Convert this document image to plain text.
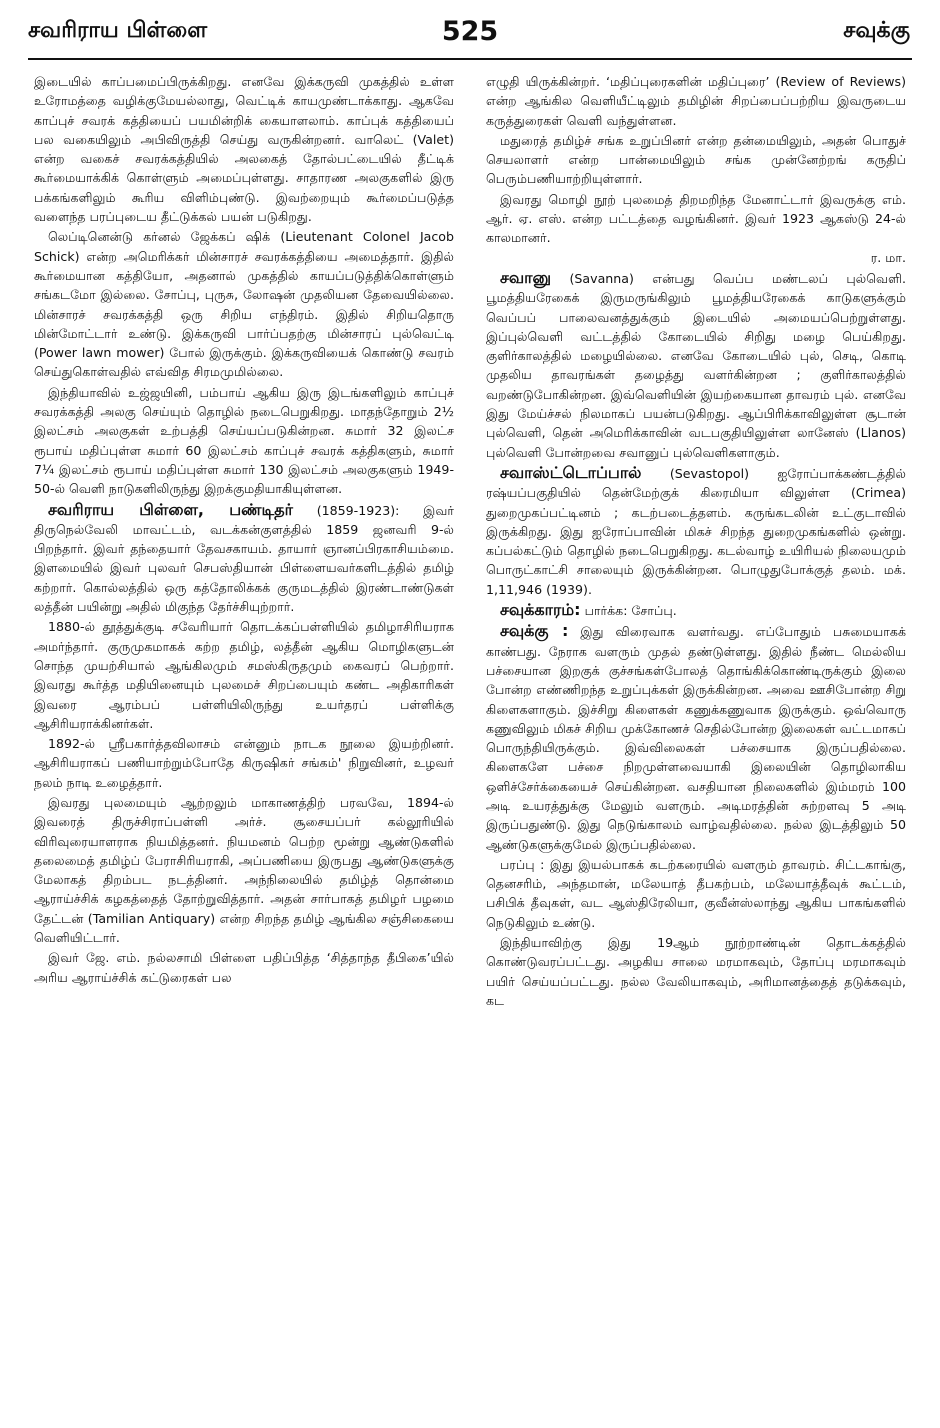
சவரிராய பிள்ளை	525	சவுக்கு

இடையில் காப்பமைப்பிருக்கிறது. எனவே இக்கருவி முகத்தில் உள்ள உரோமத்தை வழிக்குமேயல்லாது, வெட்டிக் காயமுண்டாக்காது. ஆகவே காப்புச் சவரக் கத்தியைப் பயமின்றிக் கையாளலாம். காப்புக் கத்தியைப் பல வகையிலும் அபிவிருத்தி செய்து வருகின்றனர். வாலெட் (Valet) என்ற வகைச் சவரக்கத்தியில் அலகைத் தோல்பட்டையில் தீட்டிக் கூர்மையாக்கிக் கொள்ளும் அமைப்புள்ளது. சாதாரண அலகுகளில் இரு பக்கங்களிலும் கூரிய விளிம்புண்டு. இவற்றையும் கூர்மைப்படுத்த வளைந்த பரப்புடைய தீட்டுக்கல் பயன் படுகிறது.

லெப்டினென்டு கர்னல் ஜேக்கப் ஷிக் (Lieutenant Colonel Jacob Schick) என்ற அமெரிக்கர் மின்சாரச் சவரக்கத்தியை அமைத்தார். இதில் கூர்மையான கத்தியோ, அதனால் முகத்தில் காயப்படுத்திக்கொள்ளும் சங்கடமோ இல்லை. சோப்பு, புருசு, லோஷன் முதலியன தேவையில்லை. மின்சாரச் சவரக்கத்தி ஒரு சிறிய எந்திரம். இதில் சிறியதொரு மின்மோட்டார் உண்டு. இக்கருவி பார்ப்பதற்கு மின்சாரப் புல்வெட்டி (Power lawn mower) போல் இருக்கும். இக்கருவியைக் கொண்டு சவரம் செய்துகொள்வதில் எவ்வித சிரமமுமில்லை.

இந்தியாவில் உஜ்ஜயினி, பம்பாய் ஆகிய இரு இடங்களிலும் காப்புச் சவரக்கத்தி அலகு செய்யும் தொழில் நடைபெறுகிறது. மாதந்தோறும் 2½ இலட்சம் அலகுகள் உற்பத்தி செய்யப்படுகின்றன. சுமார் 32 இலட்ச ரூபாய் மதிப்புள்ள சுமார் 60 இலட்சம் காப்புச் சவரக் கத்திகளும், சுமார் 7¼ இலட்சம் ரூபாய் மதிப்புள்ள சுமார் 130 இலட்சம் அலகுகளும் 1949-50-ல் வெளி நாடுகளிலிருந்து இறக்குமதியாகியுள்ளன.

சவரிராய பிள்ளை, பண்டிதர் (1859-1923): இவர் திருநெல்வேலி மாவட்டம், வடக்கன்குளத்தில் 1859 ஜனவரி 9-ல் பிறந்தார். இவர் தந்தையார் தேவசகாயம். தாயார் ஞானப்பிரகாசியம்மை. இளமையில் இவர் புலவர் செபஸ்தியான் பிள்ளையவர்களிடத்தில் தமிழ் கற்றார். கொல்லத்தில் ஒரு கத்தோலிக்கக் குருமடத்தில் இரண்டாண்டுகள் லத்தீன் பயின்று அதில் மிகுந்த தேர்ச்சியுற்றார்.

1880-ல் தூத்துக்குடி சவேரியார் தொடக்கப்பள்ளியில் தமிழாசிரியராக அமர்ந்தார். குருமுகமாகக் கற்ற தமிழ், லத்தீன் ஆகிய மொழிகளுடன் சொந்த முயற்சியால் ஆங்கிலமும் சமஸ்கிருதமும் கைவரப் பெற்றார். இவரது கூர்த்த மதியினையும் புலமைச் சிறப்பையும் கண்ட அதிகாரிகள் இவரை ஆரம்பப் பள்ளியிலிருந்து உயர்தரப் பள்ளிக்கு ஆசிரியராக்கினர்கள்.

1892-ல் ஸ்ரீபகார்த்தவிலாசம் என்னும் நாடக நூலை இயற்றினர். ஆசிரியராகப் பணியாற்றும்போதே கிருஷிகர் சங்கம்' நிறுவினர், உழவர் நலம் நாடி உழைத்தார்.

இவரது புலமையும் ஆற்றலும் மாகாணத்திற் பரவவே, 1894-ல் இவரைத் திருச்சிராப்பள்ளி அர்ச். சூசையப்பர் கல்லூரியில் விரிவுரையாளராக நியமித்தனர். நியமனம் பெற்ற மூன்று ஆண்டுகளில் தலைமைத் தமிழ்ப் பேராசிரியராகி, அப்பணியை இருபது ஆண்டுகளுக்கு மேலாகத் திறம்பட நடத்தினர். அந்நிலையில் தமிழ்த் தொன்மை ஆராய்ச்சிக் கழகத்தைத் தோற்றுவித்தார். அதன் சார்பாகத் தமிழர் பழமை தேட்டன் (Tamilian Antiquary) என்ற சிறந்த தமிழ் ஆங்கில சஞ்சிகையை வெளியிட்டார்.

இவர் ஜே. எம். நல்லசாமி பிள்ளை பதிப்பித்த ‘சித்தாந்த தீபிகை’யில் அரிய ஆராய்ச்சிக் கட்டுரைகள் பல

எழுதி யிருக்கின்றர். ‘மதிப்புரைகளின் மதிப்புரை’ (Review of Reviews) என்ற ஆங்கில வெளியீட்டிலும் தமிழின் சிறப்பைப்பற்றிய இவருடைய கருத்துரைகள் வெளி வந்துள்ளன.

மதுரைத் தமிழ்ச் சங்க உறுப்பினர் என்ற தன்மையிலும், அதன் பொதுச் செயலாளர் என்ற பான்மையிலும் சங்க முன்னேற்றங் கருதிப் பெரும்பணியாற்றியுள்ளார்.

இவரது மொழி நூற் புலமைத் திறமறிந்த மேனாட்டார் இவருக்கு எம். ஆர். ஏ. எஸ். என்ற பட்டத்தை வழங்கினர். இவர் 1923 ஆகஸ்டு 24-ல் காலமானர்.
ர. மா.

சவானு (Savanna) என்பது வெப்ப மண்டலப் புல்வெளி. பூமத்தியரேகைக் இருமருங்கிலும் பூமத்தியரேகைக் காடுகளுக்கும் வெப்பப் பாலைவனத்துக்கும் இடையில் அமையப்பெற்றுள்ளது. இப்புல்வெளி வட்டத்தில் கோடையில் சிறிது மழை பெய்கிறது. குளிர்காலத்தில் மழையில்லை. எனவே கோடையில் புல், செடி, கொடி முதலிய தாவரங்கள் தழைத்து வளர்கின்றன ; குளிர்காலத்தில் வறண்டுபோகின்றன. இவ்வெளியின் இயற்கையான தாவரம் புல். எனவே இது மேய்ச்சல் நிலமாகப் பயன்படுகிறது. ஆப்பிரிக்காவிலுள்ள சூடான் புல்வெளி, தென் அமெரிக்காவின் வடபகுதியிலுள்ள லானேஸ் (Llanos) புல்வெளி போன்றவை சவானுப் புல்வெளிகளாகும்.

சவாஸ்ட்டொப்பால் (Sevastopol) ஐரோப்பாக்கண்டத்தில் ரஷ்யப்பகுதியில் தென்மேற்குக் கிரைமியா விலுள்ள (Crimea) துறைமுகப்பட்டினம் ; கடற்படைத்தளம். கருங்கடலின் உட்குடாவில் இருக்கிறது. இது ஐரோப்பாவின் மிகச் சிறந்த துறைமுகங்களில் ஒன்று. கப்பல்கட்டும் தொழில் நடைபெறுகிறது. கடல்வாழ் உயிரியல் நிலையமும் பொருட்காட்சி சாலையும் இருக்கின்றன. பொழுதுபோக்குத் தலம். மக். 1,11,946 (1939).

சவுக்காரம்: பார்க்க: சோப்பு.

சவுக்கு : இது விரைவாக வளர்வது. எப்போதும் பசுமையாகக் காண்பது. நேராக வளரும் முதல் தண்டுள்ளது. இதில் நீண்ட மெல்லிய பச்சையான இறகுக் குச்சங்கள்போலத் தொங்கிக்கொண்டிருக்கும் இலை போன்ற எண்ணிறந்த உறுப்புக்கள் இருக்கின்றன. அவை ஊசிபோன்ற சிறு கிளைகளாகும். இச்சிறு கிளைகள் கணுக்கணுவாக இருக்கும். ஒவ்வொரு கணுவிலும் மிகச் சிறிய முக்கோணச் செதில்போன்ற இலைகள் வட்டமாகப் பொருந்தியிருக்கும். இவ்விலைகள் பச்சையாக இருப்பதில்லை. கிளைகளே பச்சை நிறமுள்ளவையாகி இலையின் தொழிலாகிய ஒளிச்சேர்க்கையைச் செய்கின்றன. வசதியான நிலைகளில் இம்மரம் 100 அடி உயரத்துக்கு மேலும் வளரும். அடிமரத்தின் சுற்றளவு 5 அடி இருப்பதுண்டு. இது நெடுங்காலம் வாழ்வதில்லை. நல்ல இடத்திலும் 50 ஆண்டுகளுக்குமேல் இருப்பதில்லை.

பரப்பு : இது இயல்பாகக் கடற்கரையில் வளரும் தாவரம். சிட்டகாங்கு, தெனசரிம், அந்தமான், மலேயாத் தீபகற்பம், மலேயாத்தீவுக் கூட்டம், பசிபிக் தீவுகள், வட ஆஸ்திரேலியா, குவீன்ஸ்லாந்து ஆகிய பாகங்களில் நெடுகிலும் உண்டு.

இந்தியாவிற்கு இது 19ஆம் நூற்றாண்டின் தொடக்கத்தில் கொண்டுவரப்பட்டது. அழகிய சாலை மரமாகவும், தோப்பு மரமாகவும் பயிர் செய்யப்பட்டது. நல்ல வேலியாகவும், அரிமானத்தைத் தடுக்கவும், கட
